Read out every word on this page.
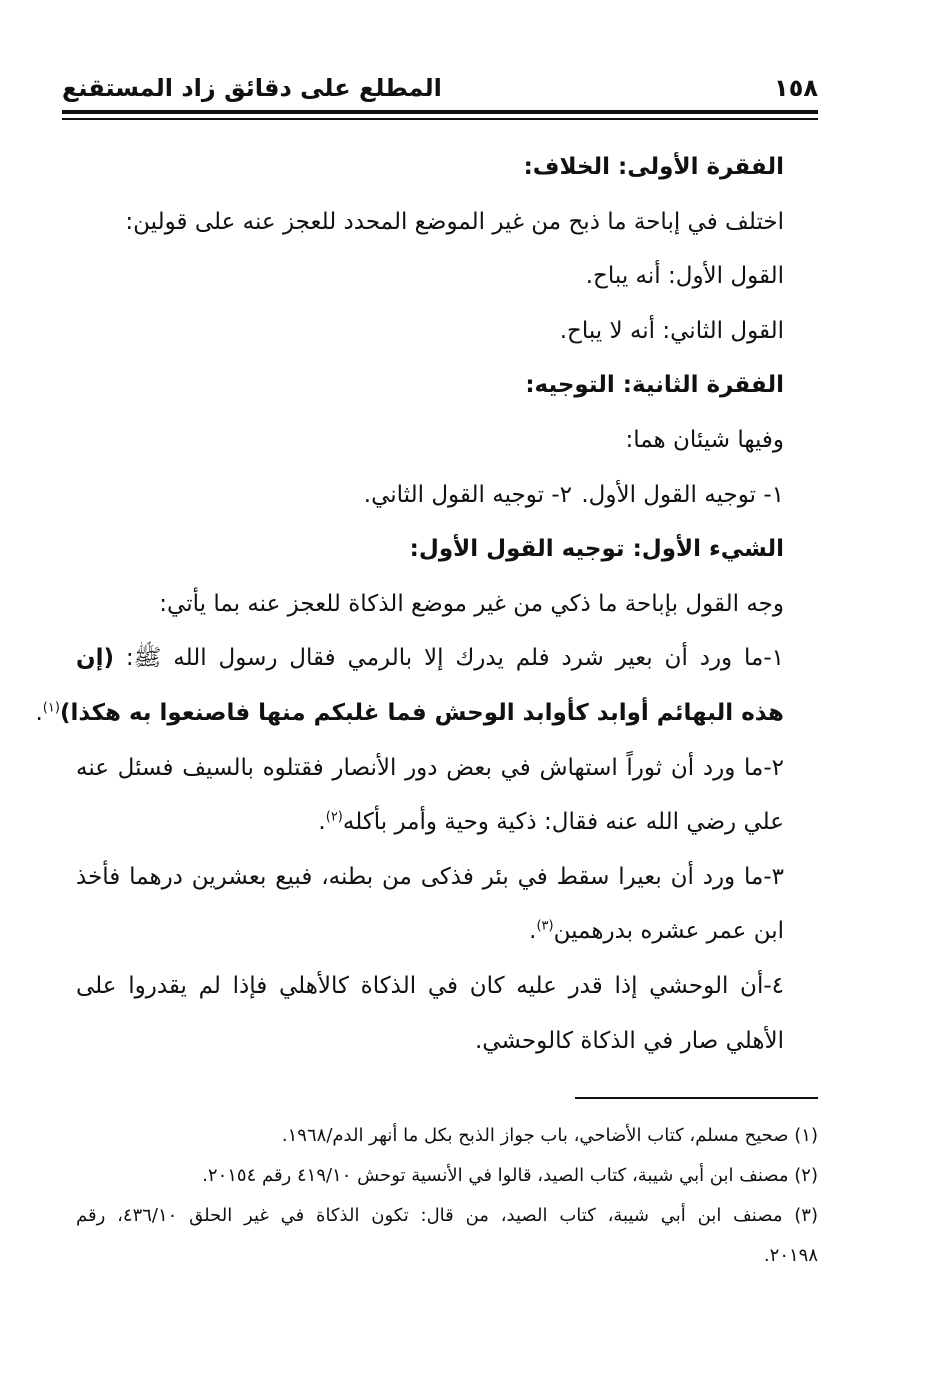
١٥٨
المطلع على دقائق زاد المستقنع
الفقرة الأولى: الخلاف:
اختلف في إباحة ما ذبح من غير الموضع المحدد للعجز عنه على قولين:
القول الأول: أنه يباح.
القول الثاني: أنه لا يباح.
الفقرة الثانية: التوجيه:
وفيها شيئان هما:
١- توجيه القول الأول.
٢- توجيه القول الثاني.
الشيء الأول: توجيه القول الأول:
وجه القول بإباحة ما ذكي من غير موضع الذكاة للعجز عنه بما يأتي:
١-ما ورد أن بعير شرد فلم يدرك إلا بالرمي فقال رسول الله ﷺ: (إن
هذه البهائم أوابد كأوابد الوحش فما غلبكم منها فاصنعوا به هكذا)$^{(١)}$.
٢-ما ورد أن ثوراً استهاش في بعض دور الأنصار فقتلوه بالسيف فسئل عنه
علي رضي الله عنه فقال: ذكية وحية وأمر بأكله$^{(٢)}$.
٣-ما ورد أن بعيرا سقط في بئر فذكى من بطنه، فبيع بعشرين درهما فأخذ
ابن عمر عشره بدرهمين$^{(٣)}$.
٤-أن الوحشي إذا قدر عليه كان في الذكاة كالأهلي فإذا لم يقدروا على
الأهلي صار في الذكاة كالوحشي.
(١) صحيح مسلم، كتاب الأضاحي، باب جواز الذبح بكل ما أنهر الدم/١٩٦٨.
(٢) مصنف ابن أبي شيبة، كتاب الصيد، قالوا في الأنسية توحش ٤١٩/١٠ رقم ٢٠١٥٤.
(٣) مصنف ابن أبي شيبة، كتاب الصيد، من قال: تكون الذكاة في غير الحلق ٤٣٦/١٠، رقم
٢٠١٩٨.
